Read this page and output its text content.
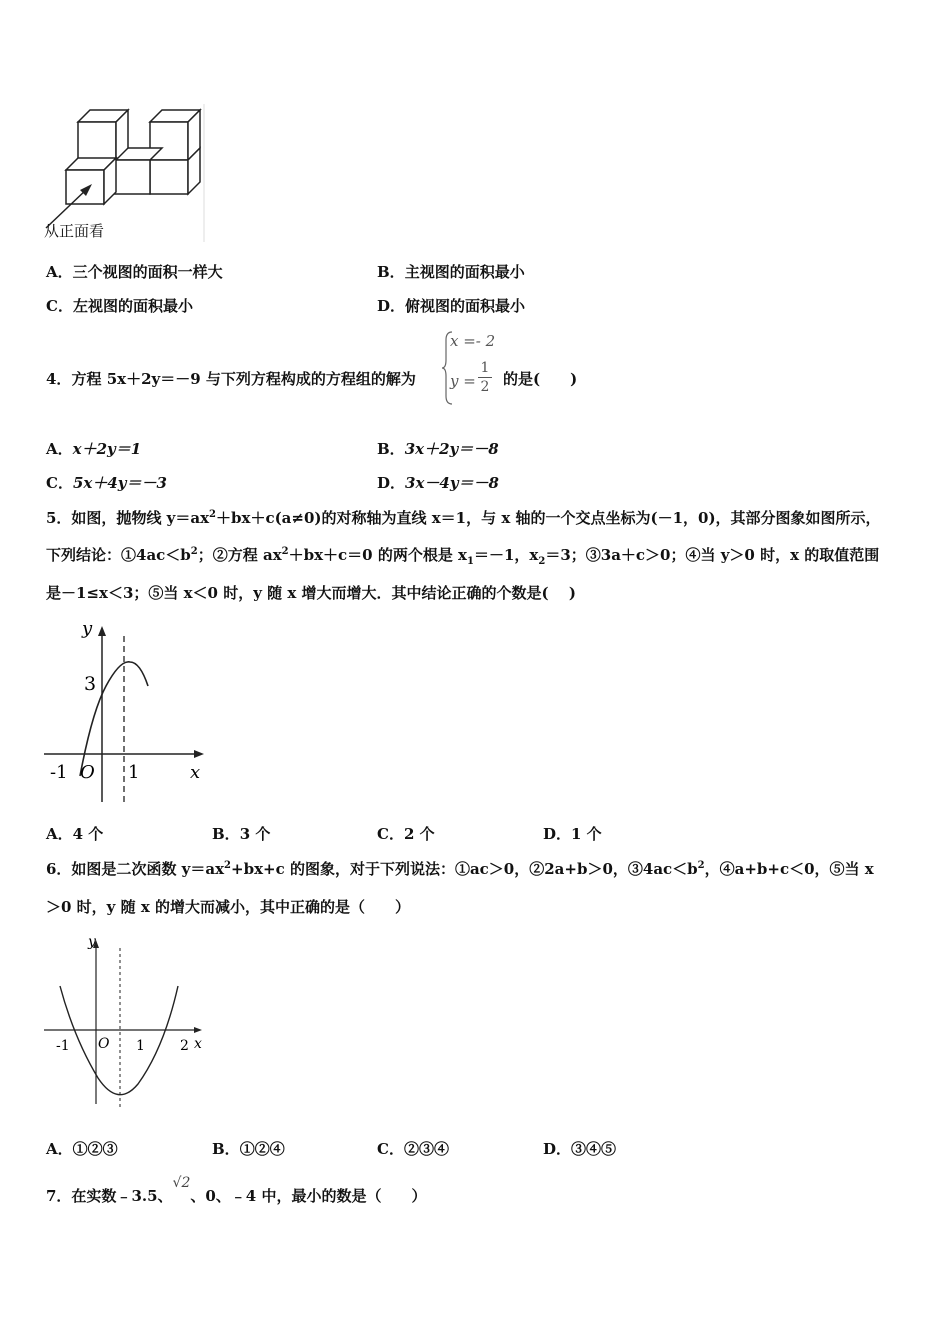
从正面看
A．三个视图的面积一样大	B．主视图的面积最小
C．左视图的面积最小	D．俯视图的面积最小
4．方程 5x＋2y＝－9 与下列方程构成的方程组的解为
x =- 2
y =
1
2 的是(　　)
A．x＋2y＝1	B．3x＋2y＝－8
C．5x＋4y＝－3	D．3x－4y＝－8
5．如图，抛物线 $y=ax^2+bx+c(a\ne 0)$的对称轴为直线 x＝1，与 x 轴的一个交点坐标为(－1，0)，其部分图象如图所示，
下列结论：$①4ac<b^2$；②方程 $ax^2+bx+c=0$ 的两个根是 $x_1=-1$，$x_2=3$；③3a＋c＞0；④当 y＞0 时，x 的取值范围
是－1≤x＜3；⑤当 x＜0 时，y 随 x 增大而增大．其中结论正确的个数是(　 )
y
x
3
-1 O 1
A．4 个	B．3 个	C．2 个	D．1 个
6．如图是二次函数 $y=ax^2+bx+c$ 的图象，对于下列说法：①ac＞0，②2a+b＞0，$③4ac<b^2$，④a+b+c＜0，⑤当 x
＞0 时，y 随 x 的增大而减小，其中正确的是（　　）
y
x
-1 O 1	2
A．①②③	B．①②④	C．②③④	D．③④⑤
7．在实数﹣3.5、√2、0、﹣4 中，最小的数是（　　）
